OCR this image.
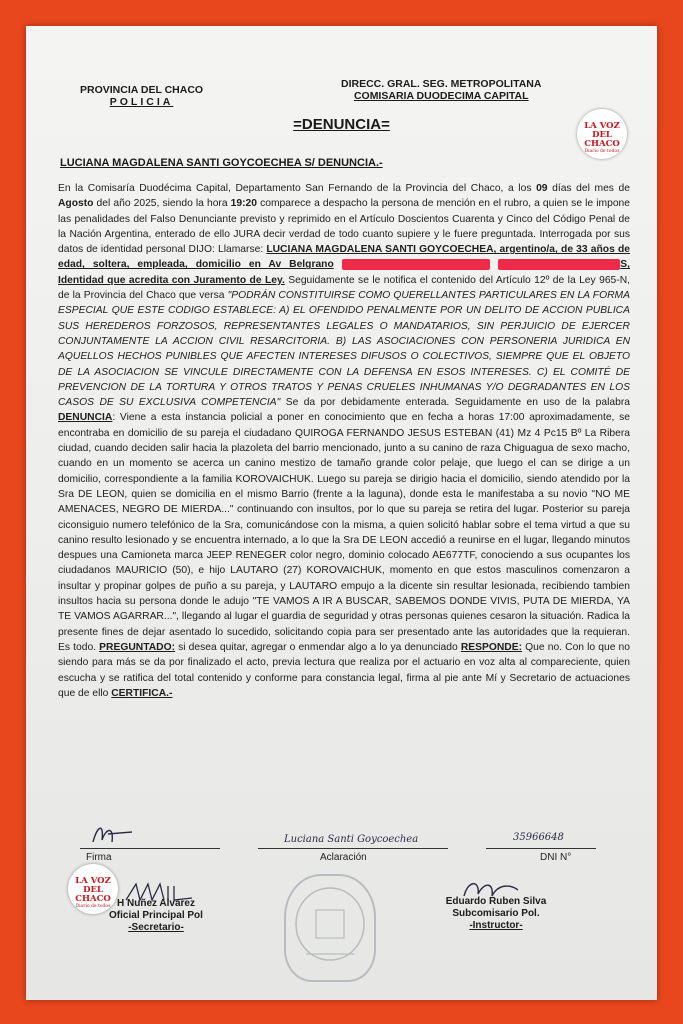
PROVINCIA DEL CHACO
POLICIA
DIRECC. GRAL. SEG. METROPOLITANA
COMISARIA DUODECIMA CAPITAL
LA VOZ DEL CHACO
Diario de todos
=DENUNCIA=
LUCIANA MAGDALENA SANTI GOYCOECHEA S/ DENUNCIA.-

En la Comisaría Duodécima Capital, Departamento San Fernando de la Provincia del Chaco, a los 09 días del mes de Agosto del año 2025, siendo la hora 19:20 comparece a despacho la persona de mención en el rubro, a quien se le impone las penalidades del Falso Denunciante previsto y reprimido en el Artículo Doscientos Cuarenta y Cinco del Código Penal de la Nación Argentina, enterado de ello JURA decir verdad de todo cuanto supiere y le fuere preguntada. Interrogada por sus datos de identidad personal DIJO: Llamarse: LUCIANA MAGDALENA SANTI GOYCOECHEA, argentino/a, de 33 años de edad, soltera, empleada, domicilio en Av Belgrano	S, Identidad que acredita con Juramento de Ley. Seguidamente se le notifica el contenido del Artículo 12º de la Ley 965-N, de la Provincia del Chaco que versa "PODRÁN CONSTITUIRSE COMO QUERELLANTES PARTICULARES EN LA FORMA ESPECIAL QUE ESTE CODIGO ESTABLECE: A) EL OFENDIDO PENALMENTE POR UN DELITO DE ACCION PUBLICA SUS HEREDEROS FORZOSOS, REPRESENTANTES LEGALES O MANDATARIOS, SIN PERJUICIO DE EJERCER CONJUNTAMENTE LA ACCION CIVIL RESARCITORIA. B) LAS ASOCIACIONES CON PERSONERIA JURIDICA EN AQUELLOS HECHOS PUNIBLES QUE AFECTEN INTERESES DIFUSOS O COLECTIVOS, SIEMPRE QUE EL OBJETO DE LA ASOCIACION SE VINCULE DIRECTAMENTE CON LA DEFENSA EN ESOS INTERESES. C) EL COMITÉ DE PREVENCION DE LA TORTURA Y OTROS TRATOS Y PENAS CRUELES INHUMANAS Y/O DEGRADANTES EN LOS CASOS DE SU EXCLUSIVA COMPETENCIA" Se da por debidamente enterada. Seguidamente en uso de la palabra DENUNCIA: Viene a esta instancia policial a poner en conocimiento que en fecha a horas 17:00 aproximadamente, se encontraba en domicilio de su pareja el ciudadano QUIROGA FERNANDO JESUS ESTEBAN (41) Mz 4 Pc15 Bº La Ribera ciudad, cuando deciden salir hacia la plazoleta del barrio mencionado, junto a su canino de raza Chiguagua de sexo macho, cuando en un momento se acerca un canino mestizo de tamaño grande color pelaje, que luego el can se dirige a un domicilio, correspondiente a la familia KOROVAICHUK. Luego su pareja se dirigio hacia el domicilio, siendo atendido por la Sra DE LEON, quien se domicilia en el mismo Barrio (frente a la laguna), donde esta le manifestaba a su novio "NO ME AMENACES, NEGRO DE MIERDA..." continuando con insultos, por lo que su pareja se retira del lugar. Posterior su pareja ciconsiguio numero telefónico de la Sra, comunicándose con la misma, a quien solicitó hablar sobre el tema virtud a que su canino resulto lesionado y se encuentra internado, a lo que la Sra DE LEON accedió a reunirse en el lugar, llegando minutos despues una Camioneta marca JEEP RENEGER color negro, dominio colocado AE677TF, conociendo a sus ocupantes los ciudadanos MAURICIO (50), e hijo LAUTARO (27) KOROVAICHUK, momento en que estos masculinos comenzaron a insultar y propinar golpes de puño a su pareja, y LAUTARO empujo a la dicente sin resultar lesionada, recibiendo tambien insultos hacia su persona donde le adujo "TE VAMOS A IR A BUSCAR, SABEMOS DONDE VIVIS, PUTA DE MIERDA, YA TE VAMOS AGARRAR...", llegando al lugar el guardia de seguridad y otras personas quienes cesaron la situación. Radica la presente fines de dejar asentado lo sucedido, solicitando copia para ser presentado ante las autoridades que la requieran. Es todo. PREGUNTADO: si desea quitar, agregar o enmendar algo a lo ya denunciado RESPONDE: Que no. Con lo que no siendo para más se da por finalizado el acto, previa lectura que realiza por el actuario en voz alta al compareciente, quien escucha y se ratifica del total contenido y conforme para constancia legal, firma al pie ante Mí y Secretario de actuaciones que de ello CERTIFICA.-

Firma
Luciana Santi Goycoechea
Aclaración
35966648
DNI N°
LA VOZ DEL CHACO
Diario de todos H Nuñez Alvarez
Oficial Principal Pol
-Secretario-
Eduardo Ruben Silva
Subcomisario Pol.
-Instructor-
